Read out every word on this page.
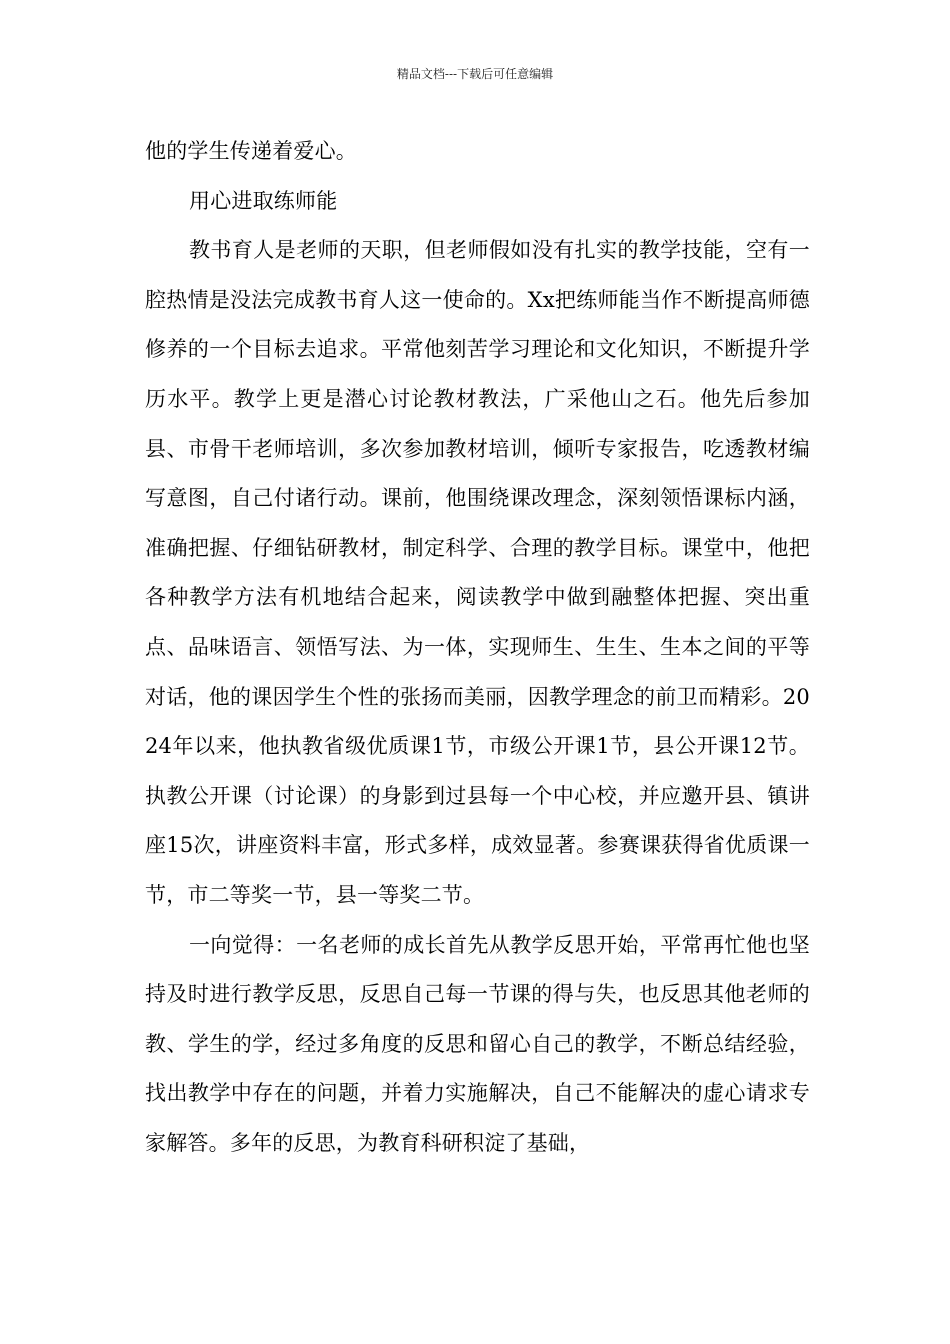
精品文档---下载后可任意编辑

他的学生传递着爱心。

用心进取练师能

教书育人是老师的天职，但老师假如没有扎实的教学技能，空有一腔热情是没法完成教书育人这一使命的。Xx把练师能当作不断提高师德修养的一个目标去追求。平常他刻苦学习理论和文化知识，不断提升学历水平。教学上更是潜心讨论教材教法，广采他山之石。他先后参加县、市骨干老师培训，多次参加教材培训，倾听专家报告，吃透教材编写意图，自己付诸行动。课前，他围绕课改理念，深刻领悟课标内涵，准确把握、仔细钻研教材，制定科学、合理的教学目标。课堂中，他把各种教学方法有机地结合起来，阅读教学中做到融整体把握、突出重点、品味语言、领悟写法、为一体，实现师生、生生、生本之间的平等对话，他的课因学生个性的张扬而美丽，因教学理念的前卫而精彩。2024年以来，他执教省级优质课1节，市级公开课1节，县公开课12节。执教公开课（讨论课）的身影到过县每一个中心校，并应邀开县、镇讲座15次，讲座资料丰富，形式多样，成效显著。参赛课获得省优质课一节，市二等奖一节，县一等奖二节。

一向觉得：一名老师的成长首先从教学反思开始，平常再忙他也坚持及时进行教学反思，反思自己每一节课的得与失，也反思其他老师的教、学生的学，经过多角度的反思和留心自己的教学，不断总结经验，找出教学中存在的问题，并着力实施解决，自己不能解决的虚心请求专家解答。多年的反思，为教育科研积淀了基础，
